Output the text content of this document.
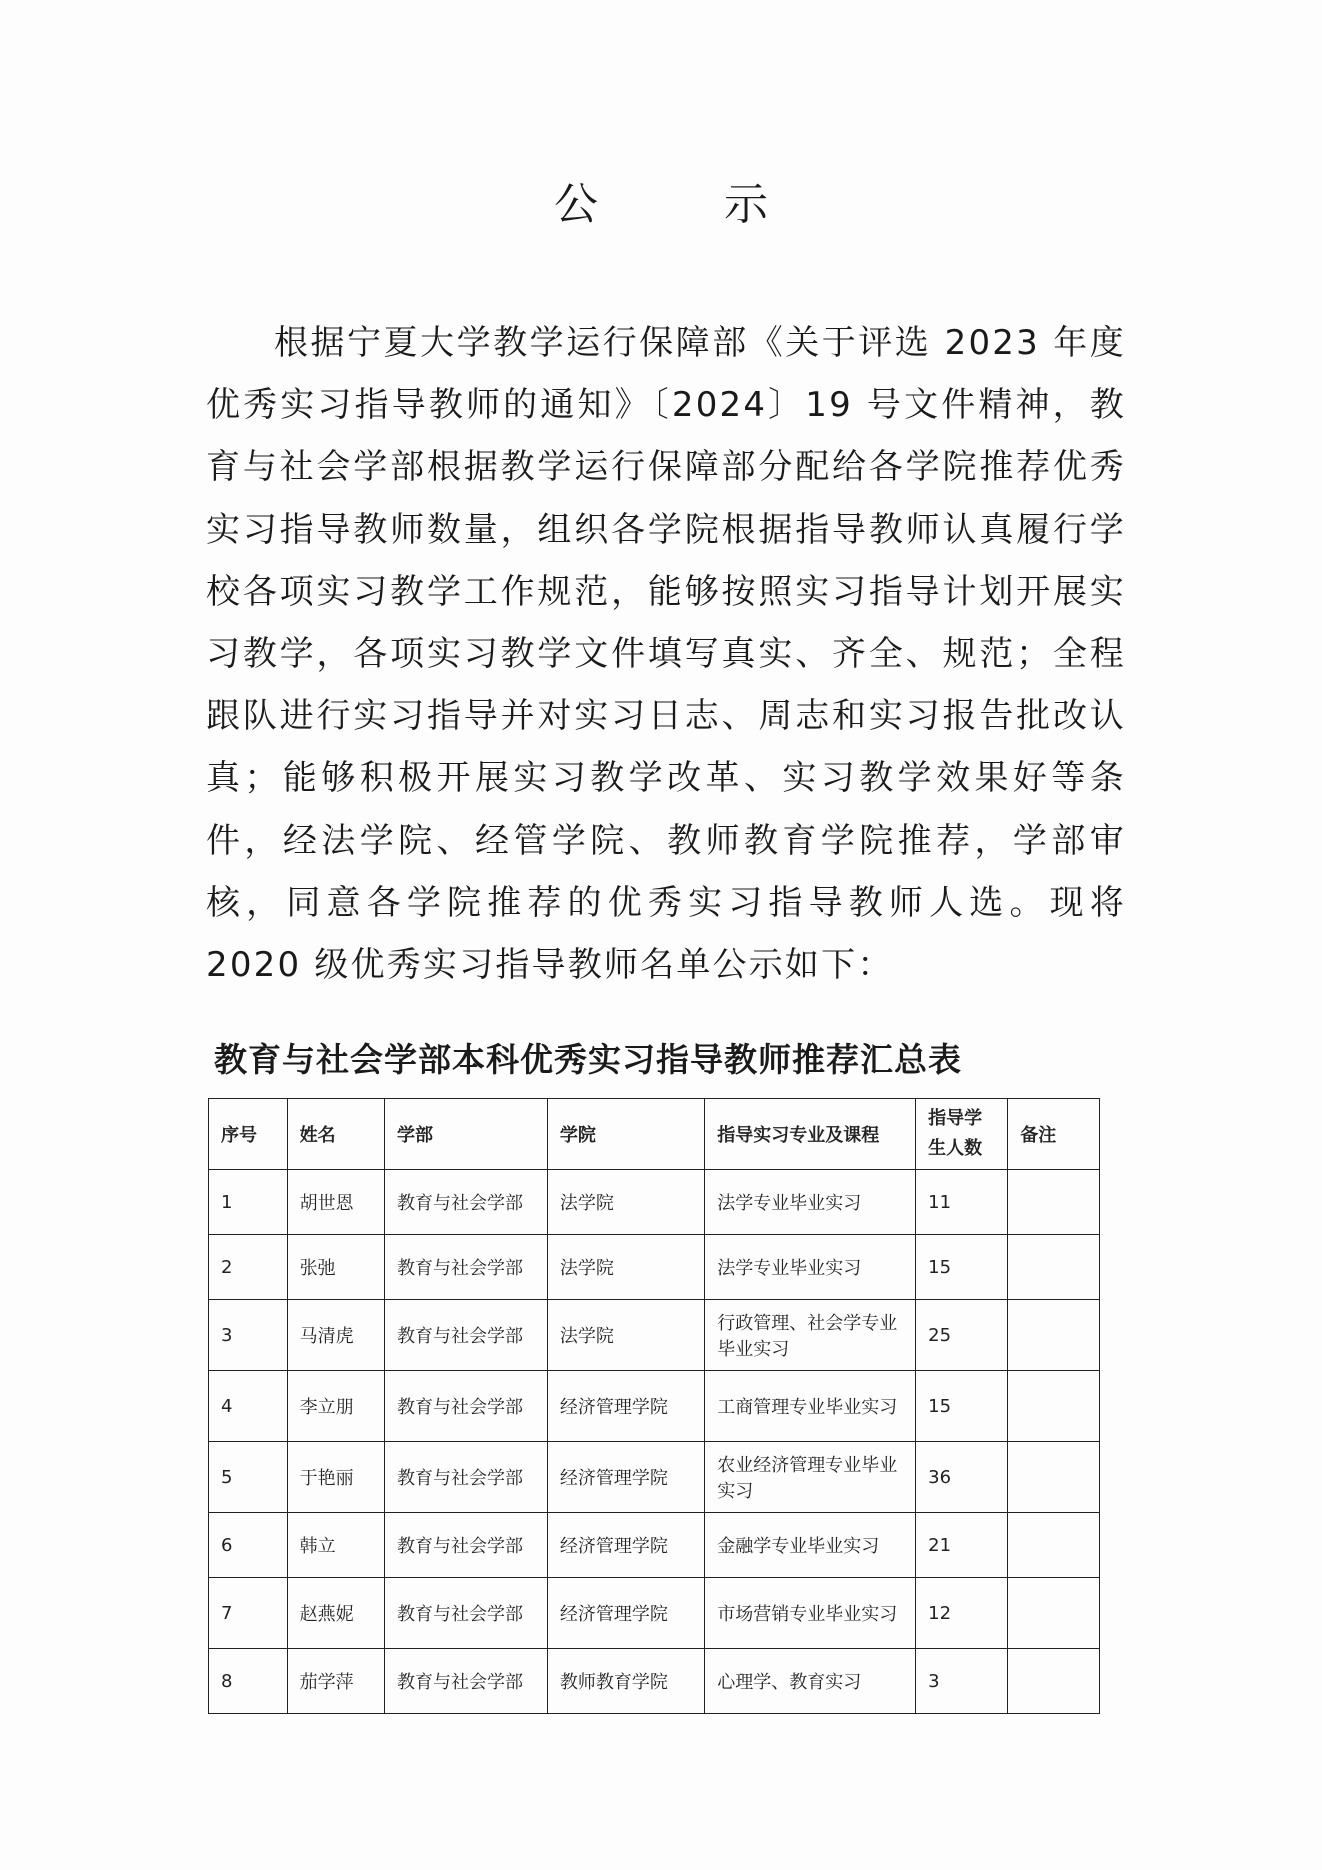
公 示
根据宁夏大学教学运行保障部《关于评选 2023 年度优秀实习指导教师的通知》〔2024〕19 号文件精神，教育与社会学部根据教学运行保障部分配给各学院推荐优秀实习指导教师数量，组织各学院根据指导教师认真履行学校各项实习教学工作规范，能够按照实习指导计划开展实习教学，各项实习教学文件填写真实、齐全、规范；全程跟队进行实习指导并对实习日志、周志和实习报告批改认真；能够积极开展实习教学改革、实习教学效果好等条件，经法学院、经管学院、教师教育学院推荐，学部审核，同意各学院推荐的优秀实习指导教师人选。现将 2020 级优秀实习指导教师名单公示如下：
教育与社会学部本科优秀实习指导教师推荐汇总表
序号	姓名	学部	学院	指导实习专业及课程	指导学生人数	备注
1	胡世恩	教育与社会学部	法学院	法学专业毕业实习	11	
2	张弛	教育与社会学部	法学院	法学专业毕业实习	15	
3	马清虎	教育与社会学部	法学院	行政管理、社会学专业毕业实习	25	
4	李立朋	教育与社会学部	经济管理学院	工商管理专业毕业实习	15	
5	于艳丽	教育与社会学部	经济管理学院	农业经济管理专业毕业实习	36	
6	韩立	教育与社会学部	经济管理学院	金融学专业毕业实习	21	
7	赵燕妮	教育与社会学部	经济管理学院	市场营销专业毕业实习	12	
8	茄学萍	教育与社会学部	教师教育学院	心理学、教育实习	3	
